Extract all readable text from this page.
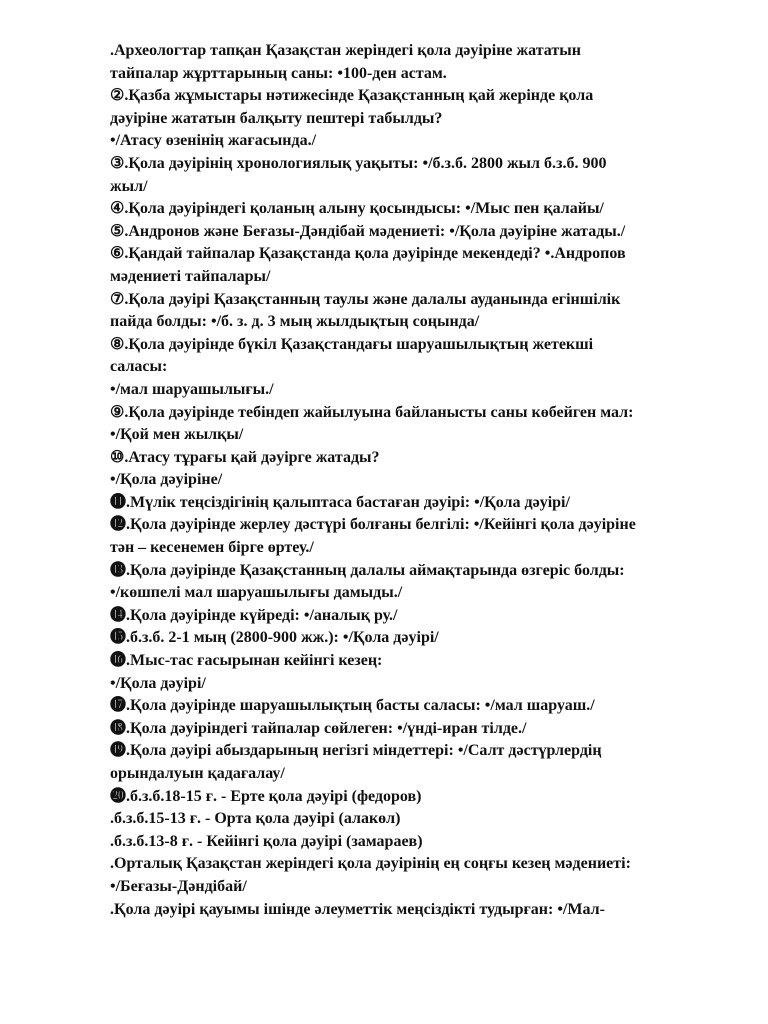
.Археологтар тапқан Қазақстан жеріндегі қола дәуіріне жататын
тайпалар жұрттарының саны: •100-ден астам.
②.Қазба жұмыстары нәтижесінде Қазақстанның қай жерінде қола
дәуіріне жататын балқыту пештері табылды?
•/Атасу өзенінің жағасында./
③.Қола дәуірінің хронологиялық уақыты: •/б.з.б. 2800 жыл б.з.б. 900
жыл/
④.Қола дәуіріндегі қоланың алыну қосындысы: •/Мыс пен қалайы/
⑤.Андронов және Беғазы-Дәндібай мәдениеті: •/Қола дәуіріне жатады./
⑥.Қандай тайпалар Қазақстанда қола дәуірінде мекендеді? •.Андропов
мәдениеті тайпалары/
⑦.Қола дәуірі Қазақстанның таулы және далалы ауданында егіншілік
пайда болды: •/б. з. д. 3 мың жылдықтың соңында/
⑧.Қола дәуірінде бүкіл Қазақстандағы шаруашылықтың жетекші
саласы:
•/мал шаруашылығы./
⑨.Қола дәуірінде тебіндеп жайылуына байланысты саны көбейген мал:
•/Қой мен жылқы/
⑩.Атасу тұрағы қай дәуірге жатады?
•/Қола дәуіріне/
⓫.Мүлік теңсіздігінің қалыптаса бастаған дәуірі: •/Қола дәуірі/
⓬.Қола дәуірінде жерлеу дәстүрі болғаны белгілі: •/Кейінгі қола дәуіріне
тән – кесенемен бірге өртеу./
⓭.Қола дәуірінде Қазақстанның далалы аймақтарында өзгеріс болды:
•/көшпелі мал шаруашылығы дамыды./
⓮.Қола дәуірінде күйреді: •/аналық ру./
⓯.б.з.б. 2-1 мың (2800-900 жж.): •/Қола дәуірі/
⓰.Мыс-тас ғасырынан кейінгі кезең:
•/Қола дәуірі/
⓱.Қола дәуірінде шаруашылықтың басты саласы: •/мал шаруаш./
⓲.Қола дәуіріндегі тайпалар сөйлеген: •/үнді-иран тілде./
⓳.Қола дәуірі абыздарының негізгі міндеттері: •/Салт дәстүрлердің
орындалуын қадағалау/
⓴.б.з.б.18-15 ғ. - Ерте қола дәуірі (федоров)
.б.з.б.15-13 ғ. - Орта қола дәуірі (алакөл)
.б.з.б.13-8 ғ. - Кейінгі қола дәуірі (замараев)
.Орталық Қазақстан жеріндегі қола дәуірінің ең соңғы кезең мәдениеті:
•/Беғазы-Дәндібай/
.Қола дәуірі қауымы ішінде әлеуметтік меңсіздікті тудырған: •/Мал-
